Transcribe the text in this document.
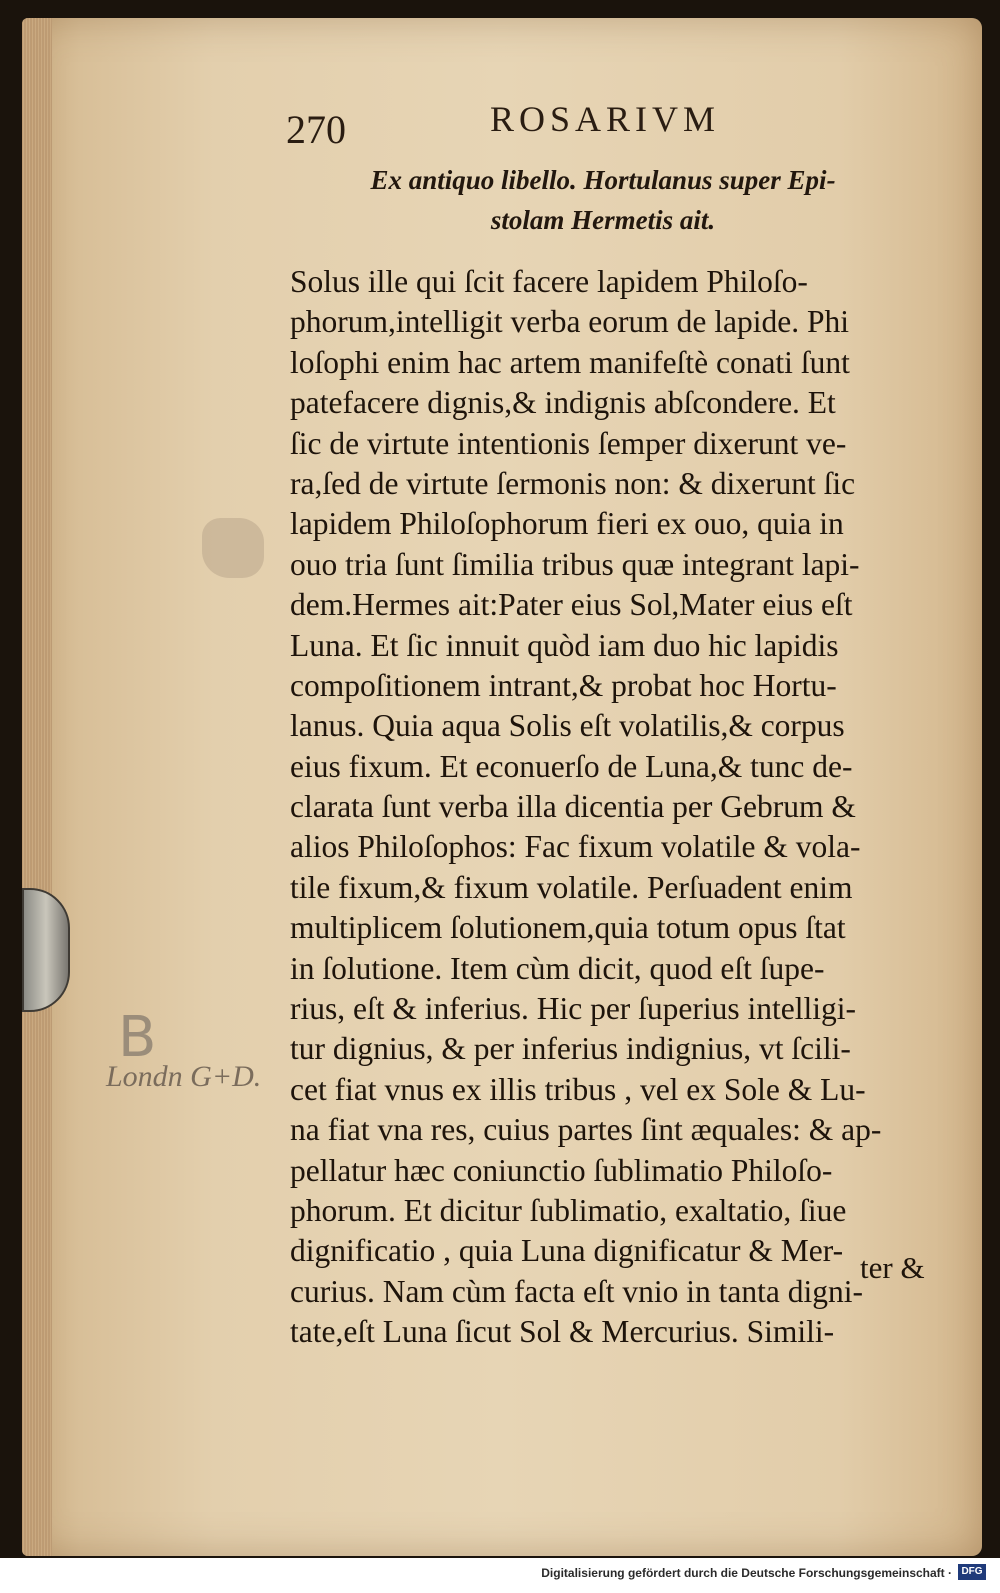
270	ROSARIVM
Ex antiquo libello. Hortulanus super Epi-
stolam Hermetis ait.
Solus ille qui ſcit facere lapidem Philoſo-
phorum,intelligit verba eorum de lapide. Phi
loſophi enim hac artem manifeſtè conati ſunt
patefacere dignis,& indignis abſcondere. Et
ſic de virtute intentionis ſemper dixerunt ve-
ra,ſed de virtute ſermonis non: & dixerunt ſic
lapidem Philoſophorum fieri ex ouo, quia in
ouo tria ſunt ſimilia tribus quæ integrant lapi-
dem.Hermes ait:Pater eius Sol,Mater eius eſt
Luna. Et ſic innuit quòd iam duo hic lapidis
compoſitionem intrant,& probat hoc Hortu-
lanus. Quia aqua Solis eſt volatilis,& corpus
eius fixum. Et econuerſo de Luna,& tunc de-
clarata ſunt verba illa dicentia per Gebrum &
alios Philoſophos: Fac fixum volatile & vola-
tile fixum,& fixum volatile. Perſuadent enim
multiplicem ſolutionem,quia totum opus ſtat
in ſolutione. Item cùm dicit, quod eſt ſupe-
rius, eſt & inferius. Hic per ſuperius intelligi-
tur dignius, & per inferius indignius, vt ſcili-
cet fiat vnus ex illis tribus , vel ex Sole & Lu-
na fiat vna res, cuius partes ſint æquales: & ap-
pellatur hæc coniunctio ſublimatio Philoſo-
phorum. Et dicitur ſublimatio, exaltatio, ſiue
dignificatio , quia Luna dignificatur & Mer-
curius. Nam cùm facta eſt vnio in tanta digni-
tate,eſt Luna ſicut Sol & Mercurius. Simili-
ter &
B
Londn G+D.
Digitalisierung gefördert durch die Deutsche Forschungsgemeinschaft · DFG
